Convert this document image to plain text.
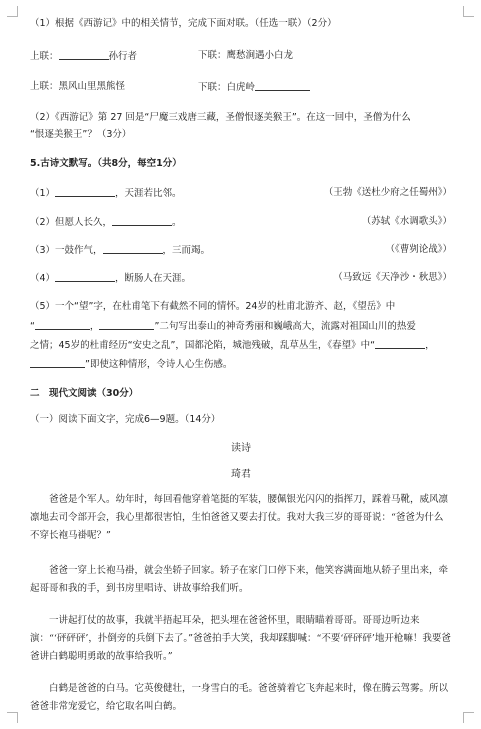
（1）根据《西游记》中的相关情节，完成下面对联。（任选一联）（2分）
上联：	孙行者	下联：鹰愁涧遇小白龙
上联：黑风山里黑熊怪	下联：白虎岭
（2）《西游记》第 27 回是“尸魔三戏唐三藏，圣僧恨逐美猴王”。在这一回中，圣僧为什么
“恨逐美猴王”？（3分）
5.古诗文默写。（共8分，每空1分）
（1）	，天涯若比邻。	（王勃《送杜少府之任蜀州》）
（2）但愿人长久，	。	（苏轼《水调歌头》）
（3）一鼓作气，	，三而竭。	（《曹刿论战》）
（4）	，断肠人在天涯。	（马致远《天净沙・秋思》）
（5）一个“望”字，在杜甫笔下有截然不同的情怀。24岁的杜甫北游齐、赵，《望岳》中
“	，	”二句写出泰山的神奇秀丽和巍峨高大，流露对祖国山川的热爱
之情；45岁的杜甫经历“安史之乱”，国都沦陷，城池残破，乱草丛生，《春望》中“	，
”即使这种情形，令诗人心生伤感。
二　现代文阅读（30分）
（一）阅读下面文字，完成6—9题。（14分）
读诗
琦君
爸爸是个军人。幼年时，每回看他穿着笔挺的军装，腰佩银光闪闪的指挥刀，踩着马靴，威风凛凛地去司令部开会，我心里都很害怕，生怕爸爸又要去打仗。我对大我三岁的哥哥说：“爸爸为什么不穿长袍马褂呢？”
爸爸一穿上长袍马褂，就会坐轿子回家。轿子在家门口停下来，他笑容满面地从轿子里出来，牵起哥哥和我的手，到书房里唱诗、讲故事给我们听。
一讲起打仗的故事，我就半捂起耳朵，把头埋在爸爸怀里，眼睛瞄着哥哥。哥哥边听边来演：“‘砰砰砰’，扑倒旁的兵倒下去了。”爸爸拍手大笑，我却踩脚喊：“不要‘砰砰砰’地开枪嘛！我要爸爸讲白鹤聪明勇敢的故事给我听。”
白鹤是爸爸的白马。它英俊健壮，一身雪白的毛。爸爸骑着它飞奔起来时，像在腾云驾雾。所以爸爸非常宠爱它，给它取名叫白鹤。
